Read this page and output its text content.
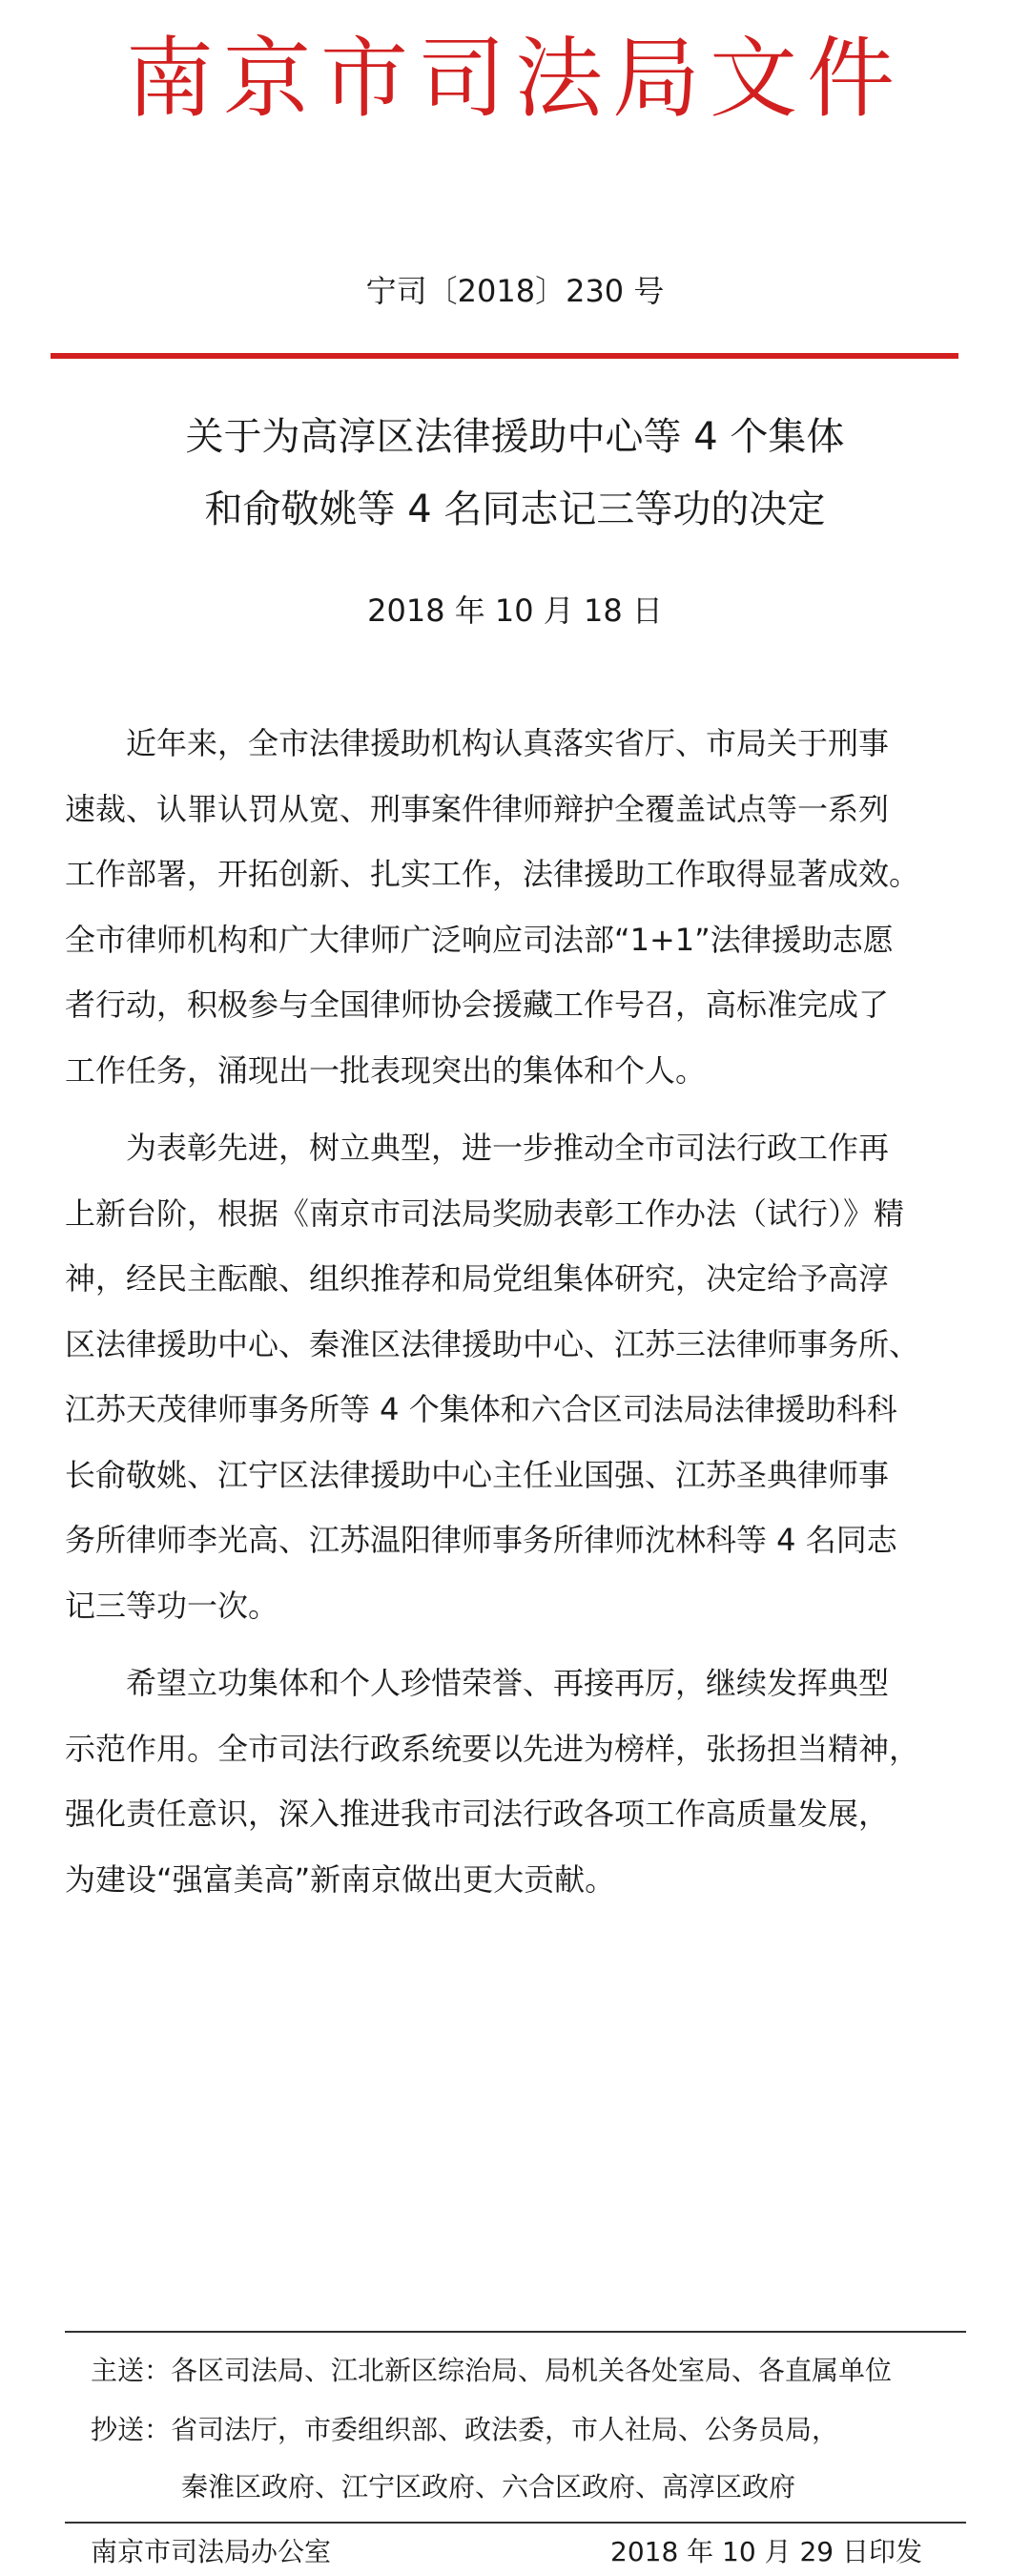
南京市司法局文件
宁司〔2018〕230 号
关于为高淳区法律援助中心等 4 个集体
和俞敬姚等 4 名同志记三等功的决定
2018 年 10 月 18 日
　　近年来，全市法律援助机构认真落实省厅、市局关于刑事
速裁、认罪认罚从宽、刑事案件律师辩护全覆盖试点等一系列
工作部署，开拓创新、扎实工作，法律援助工作取得显著成效。
全市律师机构和广大律师广泛响应司法部“1+1”法律援助志愿
者行动，积极参与全国律师协会援藏工作号召，高标准完成了
工作任务，涌现出一批表现突出的集体和个人。
　　为表彰先进，树立典型，进一步推动全市司法行政工作再
上新台阶，根据《南京市司法局奖励表彰工作办法（试行）》精
神，经民主酝酿、组织推荐和局党组集体研究，决定给予高淳
区法律援助中心、秦淮区法律援助中心、江苏三法律师事务所、
江苏天茂律师事务所等 4 个集体和六合区司法局法律援助科科
长俞敬姚、江宁区法律援助中心主任业国强、江苏圣典律师事
务所律师李光高、江苏温阳律师事务所律师沈林科等 4 名同志
记三等功一次。
　　希望立功集体和个人珍惜荣誉、再接再厉，继续发挥典型
示范作用。全市司法行政系统要以先进为榜样，张扬担当精神，
强化责任意识，深入推进我市司法行政各项工作高质量发展，
为建设“强富美高”新南京做出更大贡献。
主送：各区司法局、江北新区综治局、局机关各处室局、各直属单位
抄送：省司法厅，市委组织部、政法委，市人社局、公务员局，
秦淮区政府、江宁区政府、六合区政府、高淳区政府
南京市司法局办公室	2018 年 10 月 29 日印发
